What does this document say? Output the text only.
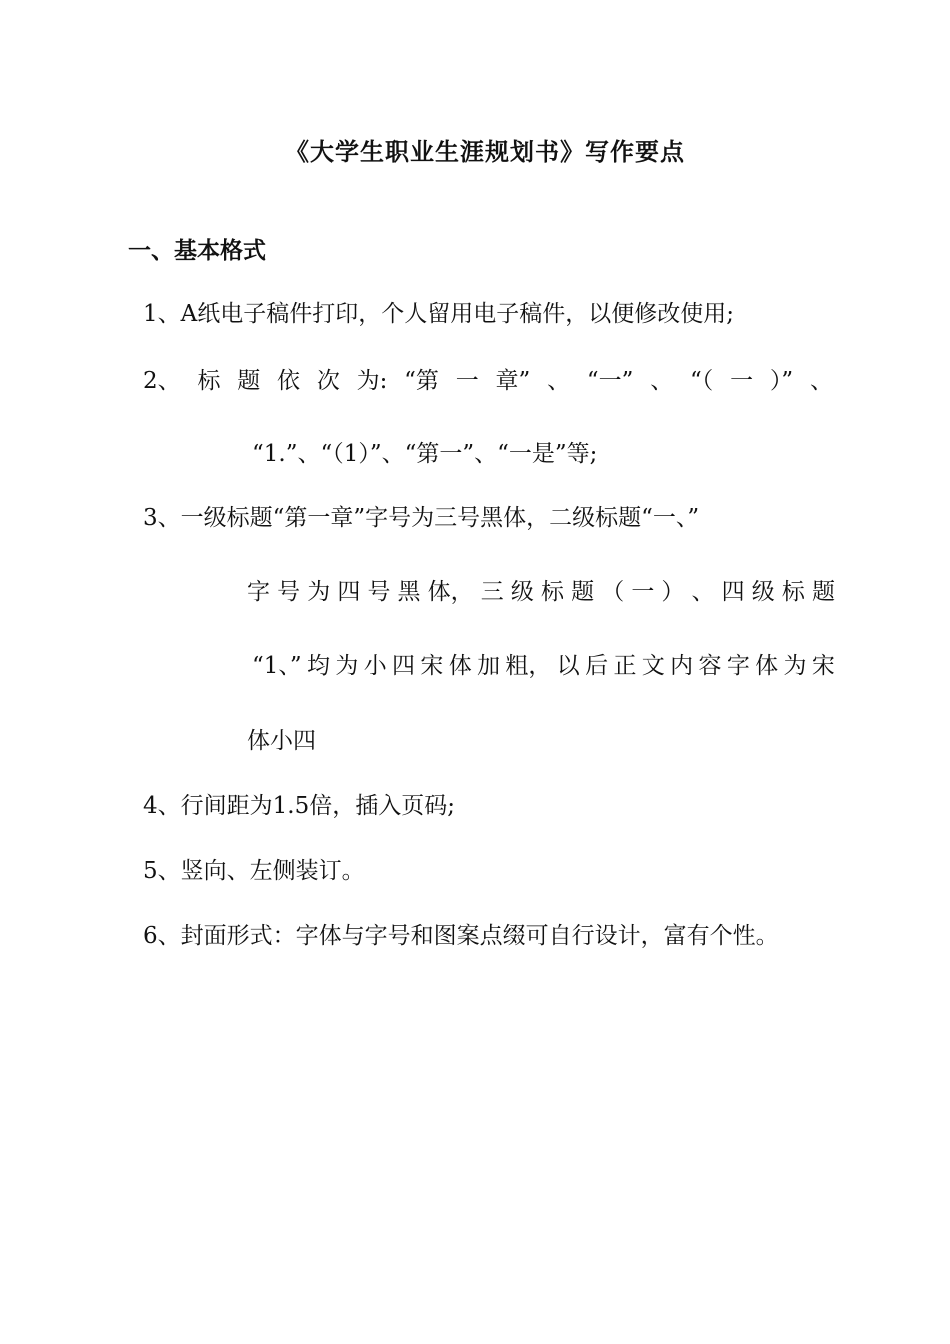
《大学生职业生涯规划书》写作要点
一、基本格式
1、A纸电子稿件打印，个人留用电子稿件，以便修改使用;
2、 标 题 依 次 为: “第 一 章” 、 “一” 、 “（ 一 ）” 、
“1.”、“（1）”、“第一”、“一是”等;
3、一级标题“第一章”字号为三号黑体，二级标题“一、”
字 号 为 四 号 黑 体， 三 级 标 题 （ 一 ） 、 四 级 标 题
“1、” 均 为 小 四 宋 体 加 粗， 以 后 正 文 内 容 字 体 为 宋
体小四
4、行间距为1.5倍，插入页码;
5、竖向、左侧装订。
6、封面形式：字体与字号和图案点缀可自行设计，富有个性。
